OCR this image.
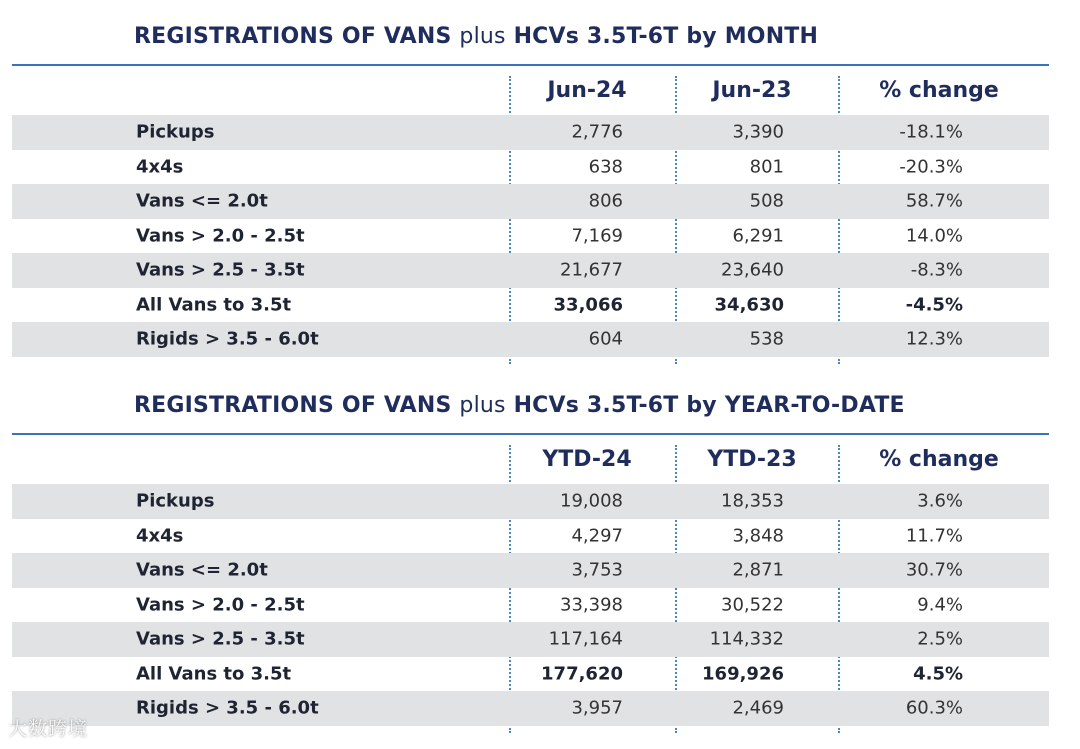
REGISTRATIONS OF VANS plus HCVs 3.5T-6T by MONTH
Jun-24	Jun-23	% change
Pickups	2,776	3,390	-18.1%
4x4s	638	801	-20.3%
Vans <= 2.0t	806	508	58.7%
Vans > 2.0 - 2.5t	7,169	6,291	14.0%
Vans > 2.5 - 3.5t	21,677	23,640	-8.3%
All Vans to 3.5t	33,066	34,630	-4.5%
Rigids > 3.5 - 6.0t	604	538	12.3%
REGISTRATIONS OF VANS plus HCVs 3.5T-6T by YEAR-TO-DATE
YTD-24	YTD-23	% change
Pickups	19,008	18,353	3.6%
4x4s	4,297	3,848	11.7%
Vans <= 2.0t	3,753	2,871	30.7%
Vans > 2.0 - 2.5t	33,398	30,522	9.4%
Vans > 2.5 - 3.5t	117,164	114,332	2.5%
All Vans to 3.5t	177,620	169,926	4.5%
Rigids > 3.5 - 6.0t	3,957	2,469	60.3%
大数跨境
